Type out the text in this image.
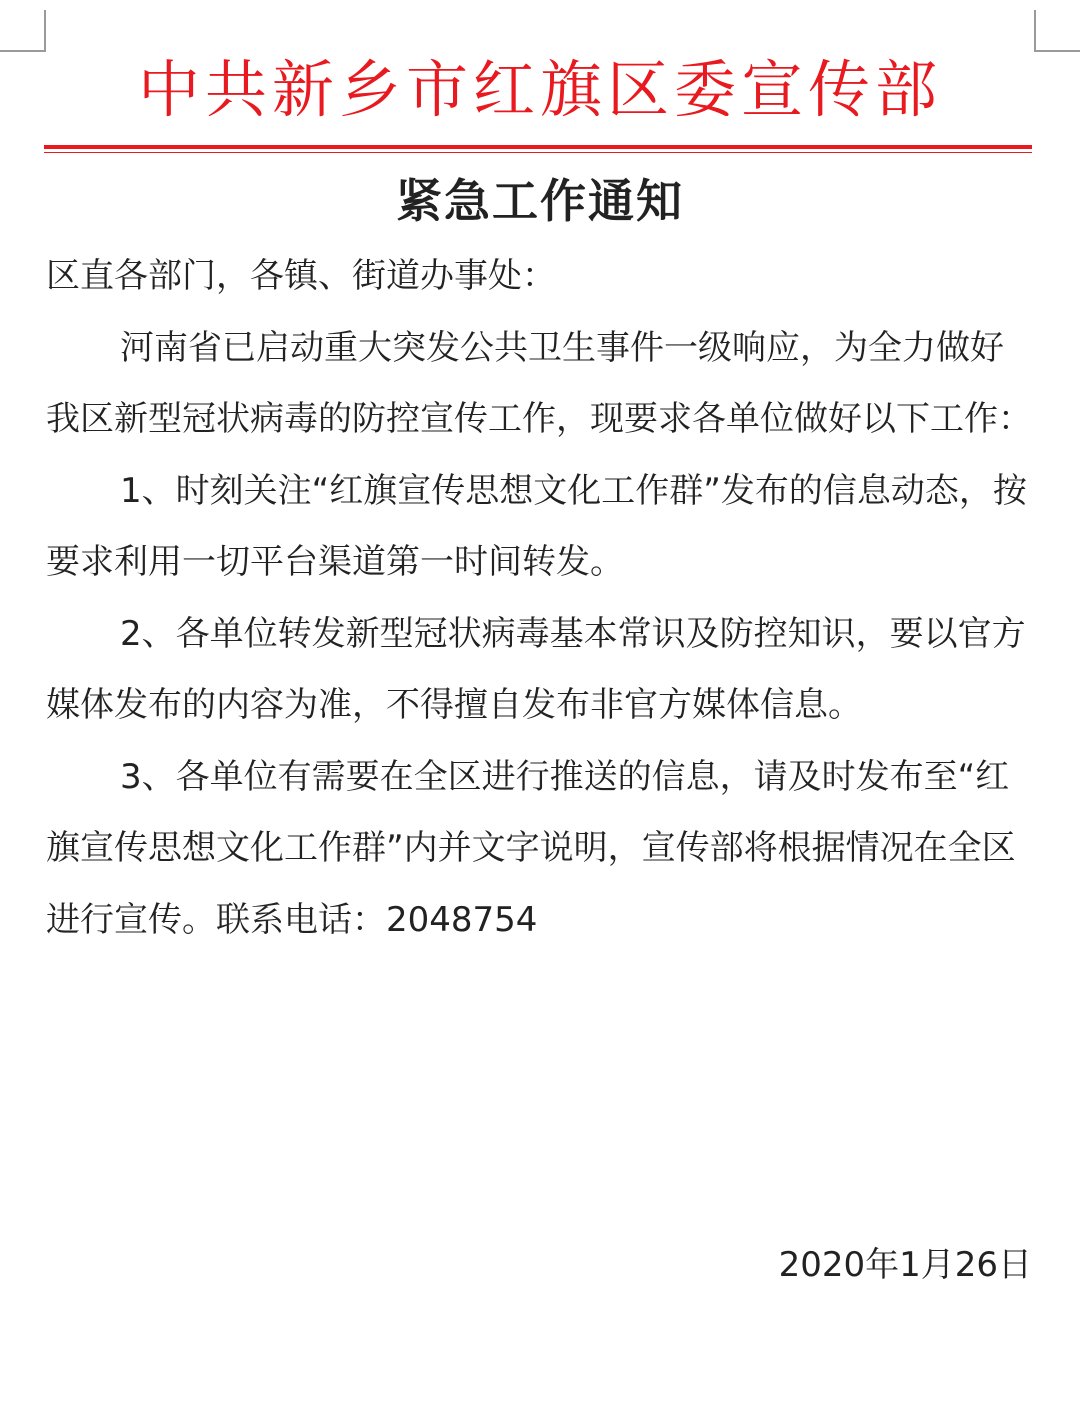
中共新乡市红旗区委宣传部
紧急工作通知

区直各部门，各镇、街道办事处：

河南省已启动重大突发公共卫生事件一级响应，为全力做好我区新型冠状病毒的防控宣传工作，现要求各单位做好以下工作：

1、时刻关注“红旗宣传思想文化工作群”发布的信息动态，按要求利用一切平台渠道第一时间转发。

2、各单位转发新型冠状病毒基本常识及防控知识，要以官方媒体发布的内容为准，不得擅自发布非官方媒体信息。

3、各单位有需要在全区进行推送的信息，请及时发布至“红旗宣传思想文化工作群”内并文字说明，宣传部将根据情况在全区进行宣传。联系电话：2048754

2020年1月26日
